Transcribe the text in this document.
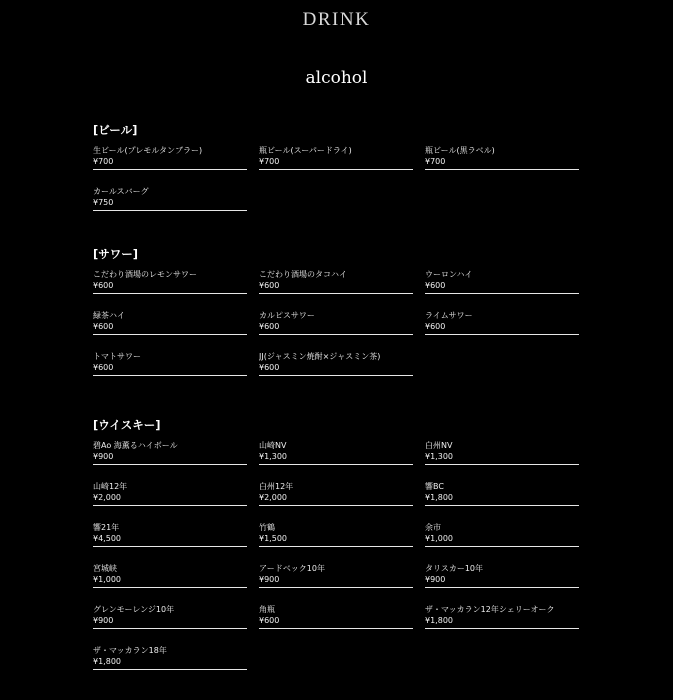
DRINK
alcohol
[ビール]
生ビール(プレモルタンブラー)
¥700
瓶ビール(スーパードライ)
¥700
瓶ビール(黒ラベル)
¥700
カールスバーグ
¥750
[サワー]
こだわり酒場のレモンサワー
¥600
こだわり酒場のタコハイ
¥600
ウーロンハイ
¥600
緑茶ハイ
¥600
カルピスサワー
¥600
ライムサワー
¥600
トマトサワー
¥600
JJ(ジャスミン焼酎×ジャスミン茶)
¥600
[ウイスキー]
碧Ao 海薫るハイボール
¥900
山崎NV
¥1,300
白州NV
¥1,300
山崎12年
¥2,000
白州12年
¥2,000
響BC
¥1,800
響21年
¥4,500
竹鶴
¥1,500
余市
¥1,000
宮城峡
¥1,000
アードベック10年
¥900
タリスカー10年
¥900
グレンモーレンジ10年
¥900
角瓶
¥600
ザ・マッカラン12年シェリーオーク
¥1,800
ザ・マッカラン18年
¥1,800
